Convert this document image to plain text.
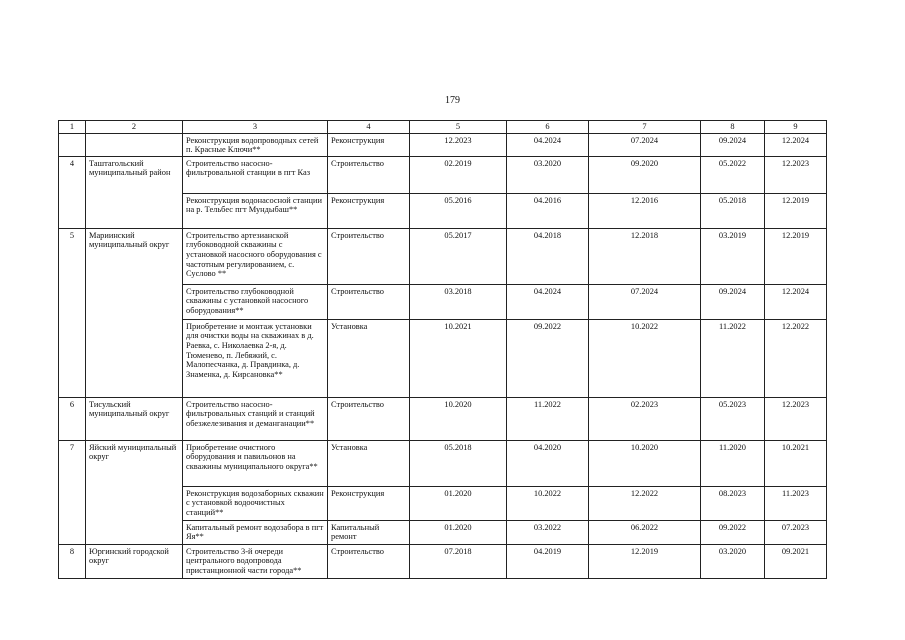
179
1	2	3	4	5	6	7	8	9
		Реконструкция водопроводных сетей п. Красные Ключи**	Реконструкция	12.2023	04.2024	07.2024	09.2024	12.2024
4	Таштагольский муниципальный район	Строительство насосно-фильтровальной станции в пгт Каз	Строительство	02.2019	03.2020	09.2020	05.2022	12.2023
		Реконструкция водонасосной станции на р. Тельбес пгт Мундыбаш**	Реконструкция	05.2016	04.2016	12.2016	05.2018	12.2019
5	Мариинский муниципальный округ	Строительство артезианской глубоководной скважины с установкой насосного оборудования с частотным регулированием, с. Суслово **	Строительство	05.2017	04.2018	12.2018	03.2019	12.2019
		Строительство глубоководной скважины с установкой насосного оборудования**	Строительство	03.2018	04.2024	07.2024	09.2024	12.2024
		Приобретение и монтаж установки для очистки воды на скважинах в д. Раевка, с. Николаевка 2-я, д. Тюменево, п. Лебяжий, с. Малопесчанка, д. Правдинка, д. Знаменка, д. Кирсановка**	Установка	10.2021	09.2022	10.2022	11.2022	12.2022
6	Тисульский муниципальный округ	Строительство насосно-фильтровальных станций и станций обезжелезивания и деманганации**	Строительство	10.2020	11.2022	02.2023	05.2023	12.2023
7	Яйский муниципальный округ	Приобретение очистного оборудования и павильонов на скважины муниципального округа**	Установка	05.2018	04.2020	10.2020	11.2020	10.2021
		Реконструкция водозаборных скважин с установкой водоочистных станций**	Реконструкция	01.2020	10.2022	12.2022	08.2023	11.2023
		Капитальный ремонт водозабора в пгт Яя**	Капитальный ремонт	01.2020	03.2022	06.2022	09.2022	07.2023
8	Юргинский городской округ	Строительство 3-й очереди центрального водопровода пристанционной части города**	Строительство	07.2018	04.2019	12.2019	03.2020	09.2021
